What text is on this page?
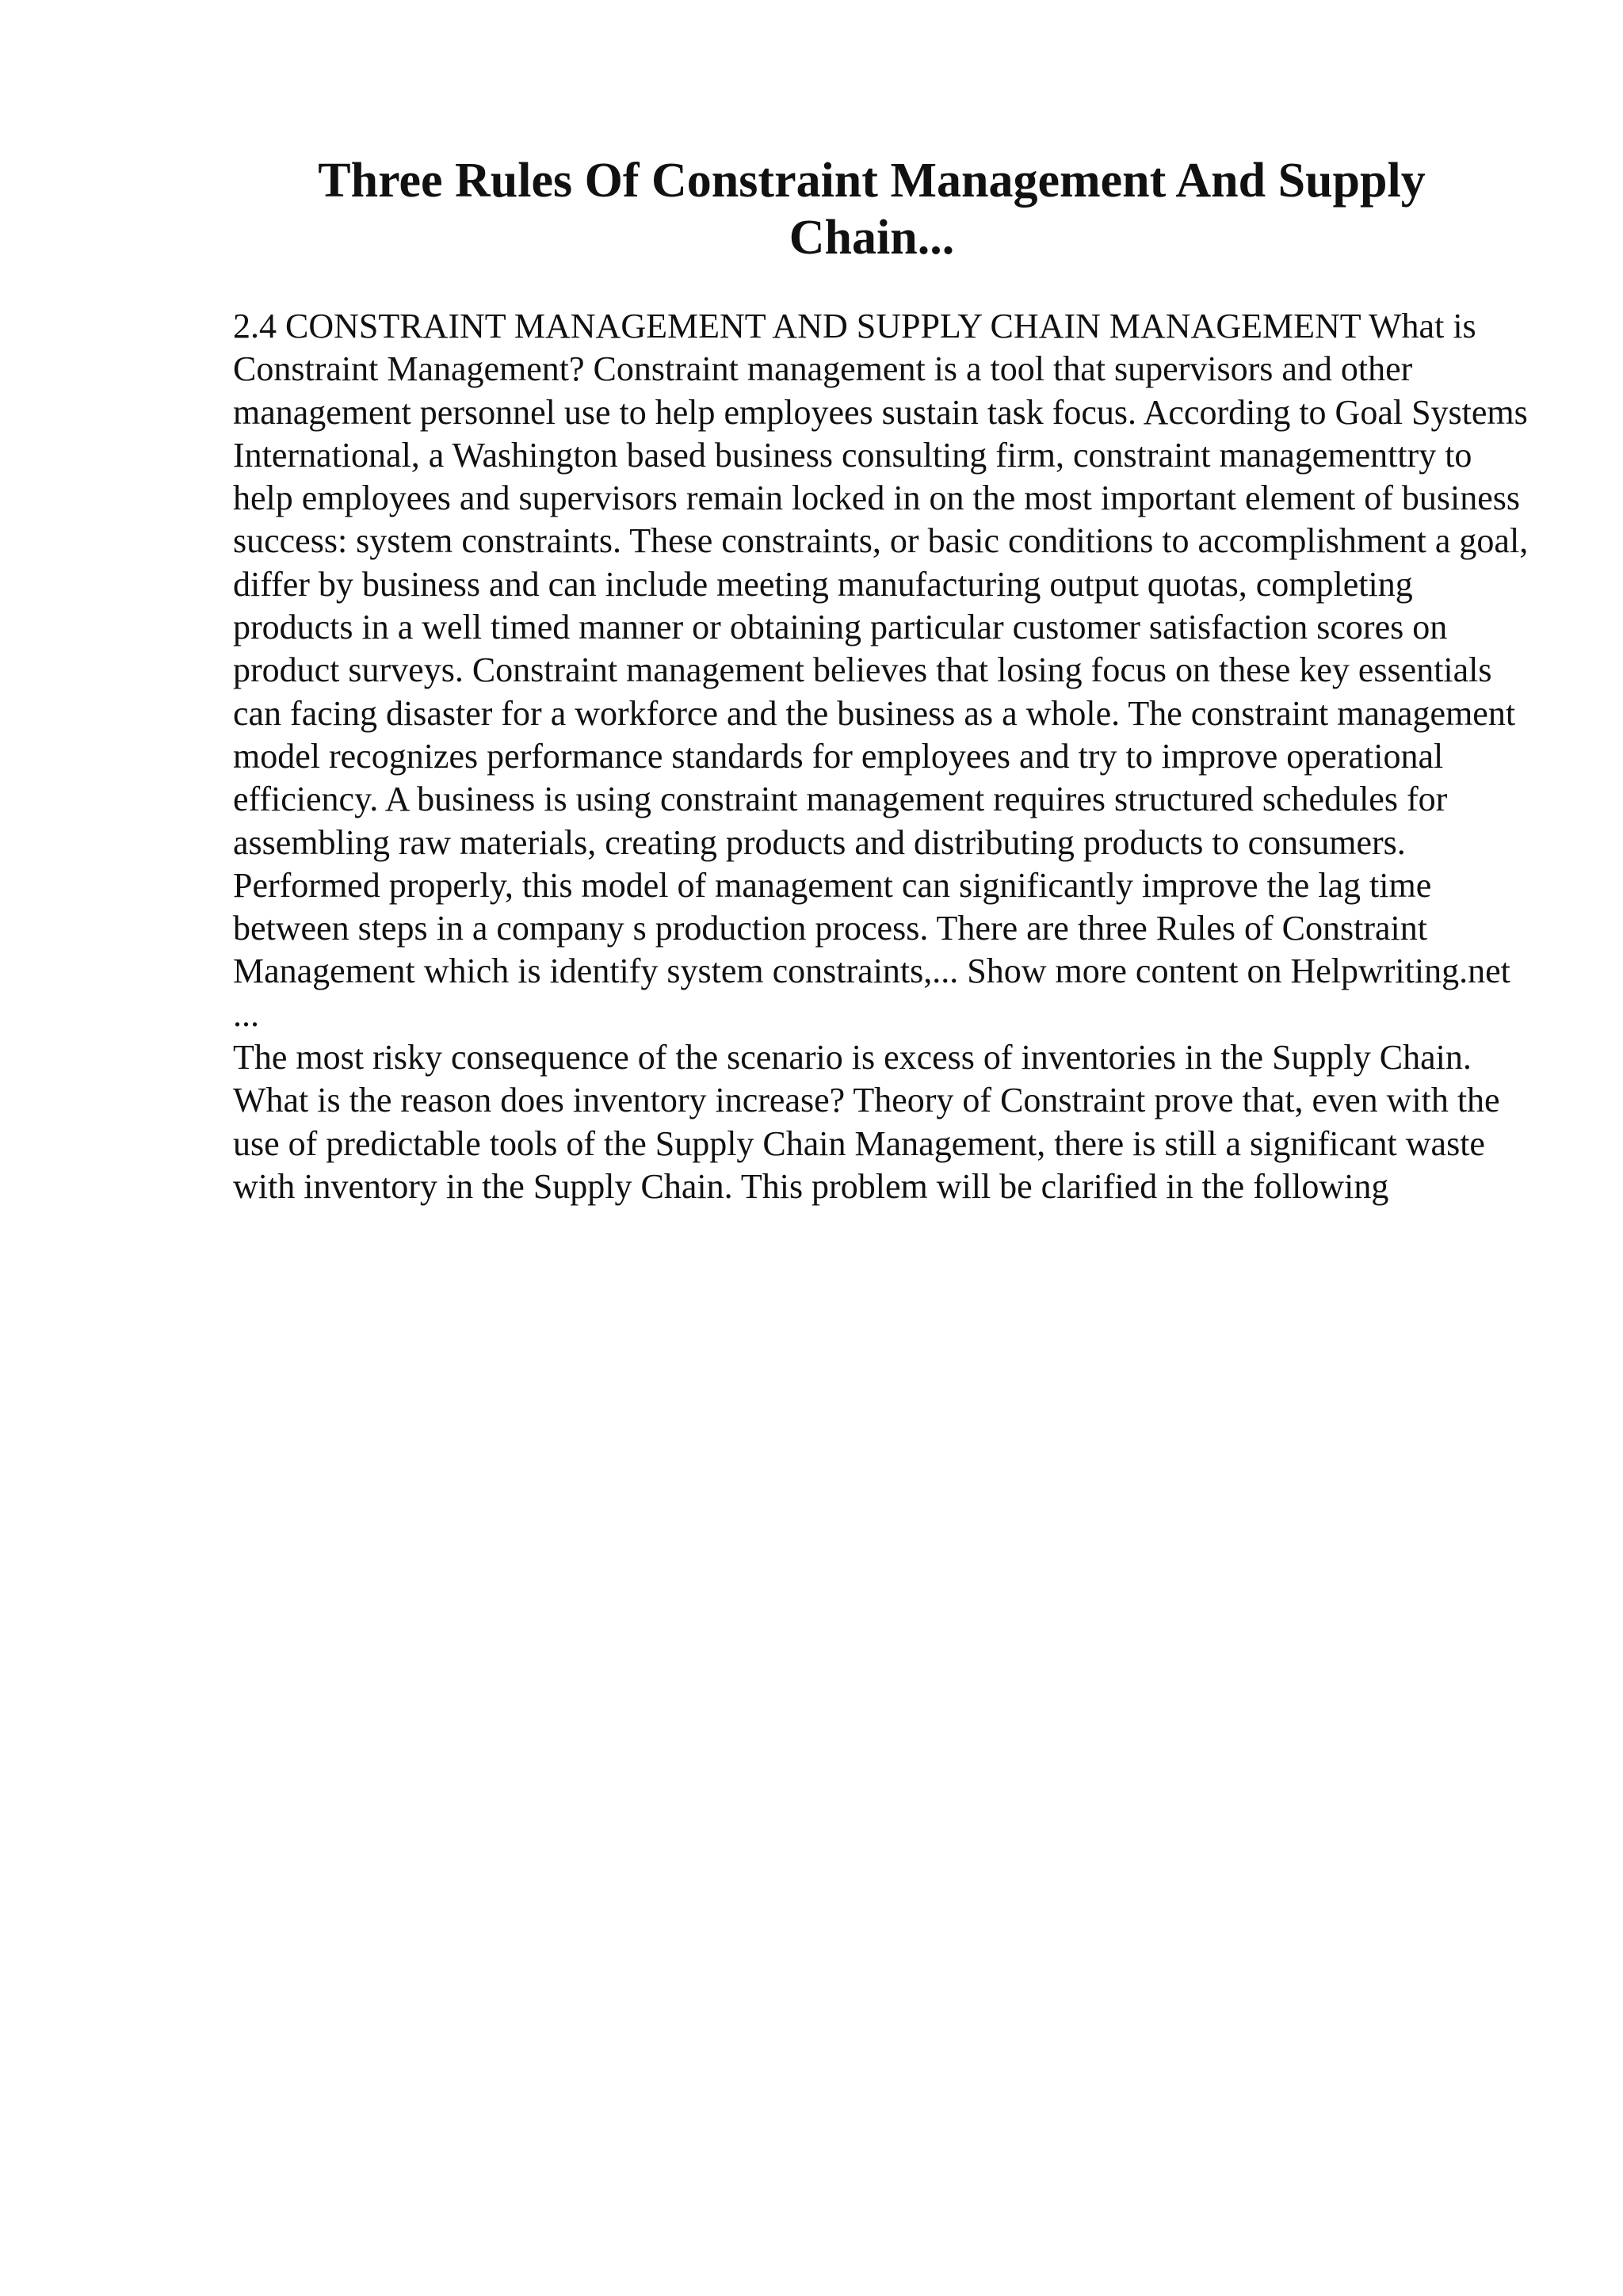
Three Rules Of Constraint Management And Supply Chain...

2.4 CONSTRAINT MANAGEMENT AND SUPPLY CHAIN MANAGEMENT What is Constraint Management? Constraint management is a tool that supervisors and other management personnel use to help employees sustain task focus. According to Goal Systems International, a Washington based business consulting firm, constraint managementtry to help employees and supervisors remain locked in on the most important element of business success: system constraints. These constraints, or basic conditions to accomplishment a goal, differ by business and can include meeting manufacturing output quotas, completing products in a well timed manner or obtaining particular customer satisfaction scores on product surveys. Constraint management believes that losing focus on these key essentials can facing disaster for a workforce and the business as a whole. The constraint management model recognizes performance standards for employees and try to improve operational efficiency. A business is using constraint management requires structured schedules for assembling raw materials, creating products and distributing products to consumers. Performed properly, this model of management can significantly improve the lag time between steps in a company s production process. There are three Rules of Constraint Management which is identify system constraints,... Show more content on Helpwriting.net ...

The most risky consequence of the scenario is excess of inventories in the Supply Chain. What is the reason does inventory increase? Theory of Constraint prove that, even with the use of predictable tools of the Supply Chain Management, there is still a significant waste with inventory in the Supply Chain. This problem will be clarified in the following
